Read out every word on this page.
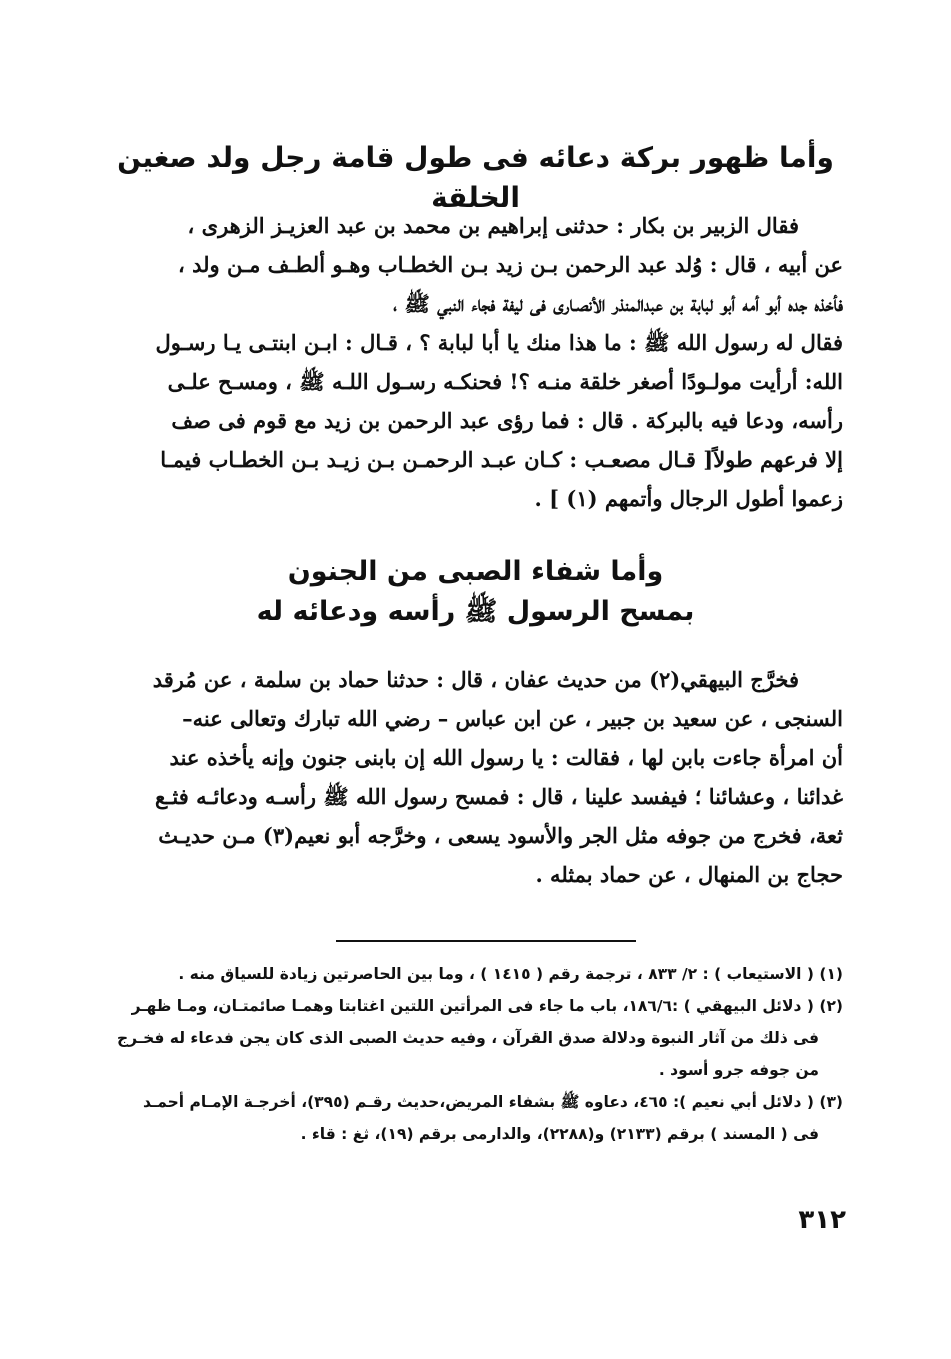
وأما ظهور بركة دعائه فى طول قامة رجل ولد صغين الخلقة
فقال الزبير بن بكار : حدثنى إبراهيم بن محمد بن عبد العزيـز الزهرى ،
عن أبيه ، قال : وُلد عبد الرحمن بـن زيد بـن الخطـاب وهـو ألطـف مـن ولد ،
فأخذه جده أبو أمه أبو لبابة بن عبدالمنذر الأنصـارى فى ليفة فجاء النبي ﷺ ،
فقال له رسول الله ﷺ : ما هذا منك يا أبا لبابة ؟ ، قـال : ابـن ابنتـى يـا رسـول
الله: أرأيت مولـودًا أصغر خلقة منـه ؟! فحنكـه رسـول اللـه ﷺ ، ومسـح علـى
رأسه، ودعا فيه بالبركة . قال : فما رؤى عبد الرحمن بن زيد مع قوم فى صف
إلا فرعهم طولاً[ قـال مصعـب : كـان عبـد الرحمـن بـن زيـد بـن الخطـاب فيمـا
زعموا أطول الرجال وأتمهم (١) ] .
وأما شفاء الصبى من الجنون
بمسح الرسول ﷺ رأسه ودعائه له
فخرَّج البيهقي(٢) من حديث عفان ، قال : حدثنا حماد بن سلمة ، عن مُرقد
السنجى ، عن سعيد بن جبير ، عن ابن عباس – رضي الله تبارك وتعالى عنه–
أن امرأة جاءت بابن لها ، فقالت : يا رسول الله إن بابنى جنون وإنه يأخذه عند
غدائنا ، وعشائنا ؛ فيفسد علينا ، قال : فمسح رسول الله ﷺ رأسـه ودعائـه فثـع
ثعة، فخرج من جوفه مثل الجر والأسود يسعى ، وخرَّجه أبو نعيم(٣) مـن حديـث
حجاج بن المنهال ، عن حماد بمثله .
(١) ( الاستيعاب ) : ٢/ ٨٣٣ ، ترجمة رقم ( ١٤١٥ ) ، وما بين الحاصرتين زيادة للسياق منه .
(٢) ( دلائل البيهقي ) :١٨٦/٦، باب ما جاء فى المرأتين اللتين اغتابتا وهمـا صائمتـان، ومـا ظهـر
فى ذلك من آثار النبوة ودلالة صدق القرآن ، وفيه حديث الصبى الذى كان يجن فدعاء له فخـرج
من جوفه جرو أسود .
(٣) ( دلائل أبي نعيم ): ٤٦٥، دعاوه ﷺ بشفاء المريض،حديث رقـم (٣٩٥)، أخرجـة الإمـام أحمـد
فى ( المسند ) برقم (٢١٣٣) و(٢٢٨٨)، والدارمى برقم (١٩)، ثغ : قاء .
٣١٢
